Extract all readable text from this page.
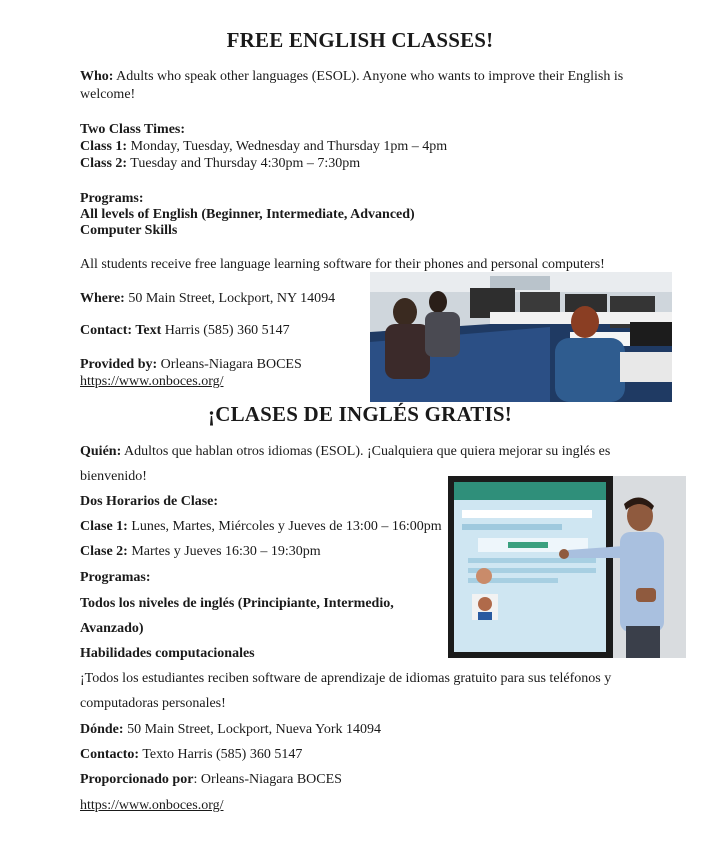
FREE ENGLISH CLASSES!
Who: Adults who speak other languages (ESOL). Anyone who wants to improve their English is welcome!
Two Class Times:
Class 1: Monday, Tuesday, Wednesday and Thursday 1pm – 4pm
Class 2: Tuesday and Thursday 4:30pm – 7:30pm
Programs:
All levels of English (Beginner, Intermediate, Advanced)
Computer Skills
All students receive free language learning software for their phones and personal computers!
Where: 50 Main Street, Lockport, NY 14094
Contact: Text Harris (585) 360 5147
Provided by: Orleans-Niagara BOCES
https://www.onboces.org/
¡CLASES DE INGLÉS GRATIS!
Quién: Adultos que hablan otros idiomas (ESOL). ¡Cualquiera que quiera mejorar su inglés es
bienvenido!
Dos Horarios de Clase:
Clase 1: Lunes, Martes, Miércoles y Jueves de 13:00 – 16:00pm
Clase 2: Martes y Jueves 16:30 – 19:30pm
Programas:
Todos los niveles de inglés (Principiante, Intermedio,
Avanzado)
Habilidades computacionales
¡Todos los estudiantes reciben software de aprendizaje de idiomas gratuito para sus teléfonos y
computadoras personales!
Dónde: 50 Main Street, Lockport, Nueva York 14094
Contacto: Texto Harris (585) 360 5147
Proporcionado por: Orleans-Niagara BOCES
https://www.onboces.org/
